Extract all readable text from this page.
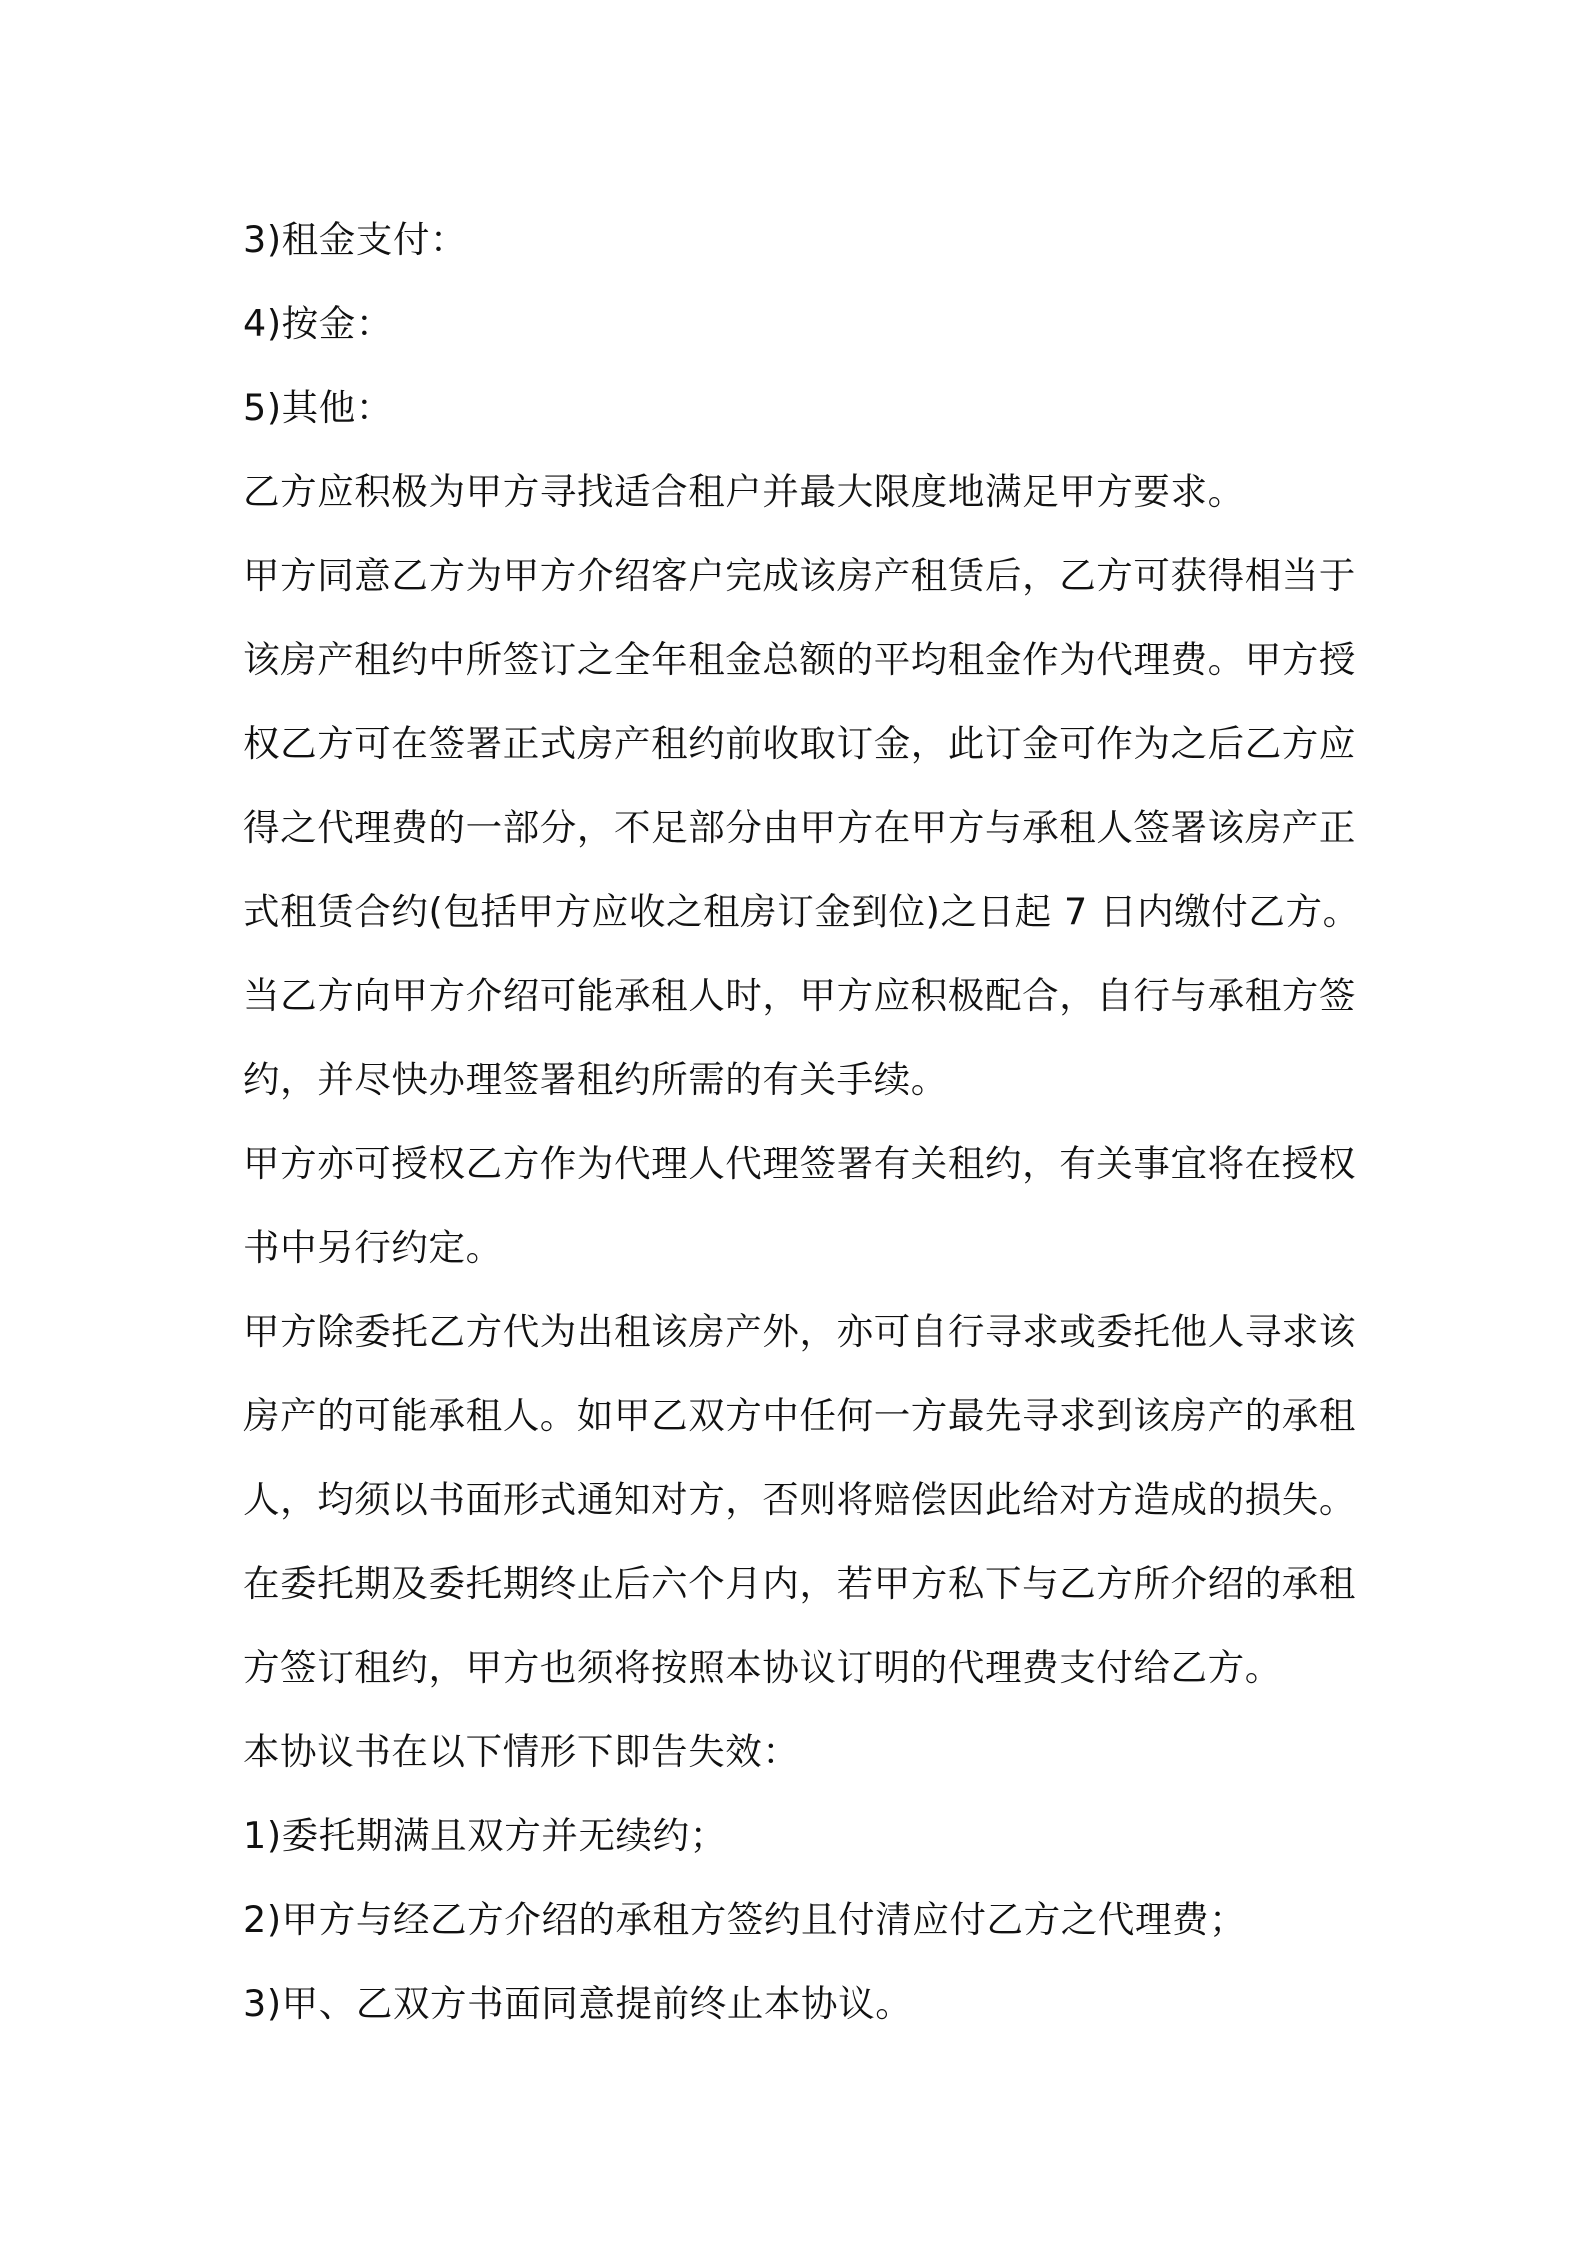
3)租金支付：
4)按金：
5)其他：
乙方应积极为甲方寻找适合租户并最大限度地满足甲方要求。
甲方同意乙方为甲方介绍客户完成该房产租赁后，乙方可获得相当于
该房产租约中所签订之全年租金总额的平均租金作为代理费。甲方授
权乙方可在签署正式房产租约前收取订金，此订金可作为之后乙方应
得之代理费的一部分，不足部分由甲方在甲方与承租人签署该房产正
式租赁合约(包括甲方应收之租房订金到位)之日起 7 日内缴付乙方。
当乙方向甲方介绍可能承租人时，甲方应积极配合，自行与承租方签
约，并尽快办理签署租约所需的有关手续。
甲方亦可授权乙方作为代理人代理签署有关租约，有关事宜将在授权
书中另行约定。
甲方除委托乙方代为出租该房产外，亦可自行寻求或委托他人寻求该
房产的可能承租人。如甲乙双方中任何一方最先寻求到该房产的承租
人，均须以书面形式通知对方，否则将赔偿因此给对方造成的损失。
在委托期及委托期终止后六个月内，若甲方私下与乙方所介绍的承租
方签订租约，甲方也须将按照本协议订明的代理费支付给乙方。
本协议书在以下情形下即告失效：
1)委托期满且双方并无续约；
2)甲方与经乙方介绍的承租方签约且付清应付乙方之代理费；
3)甲、乙双方书面同意提前终止本协议。
